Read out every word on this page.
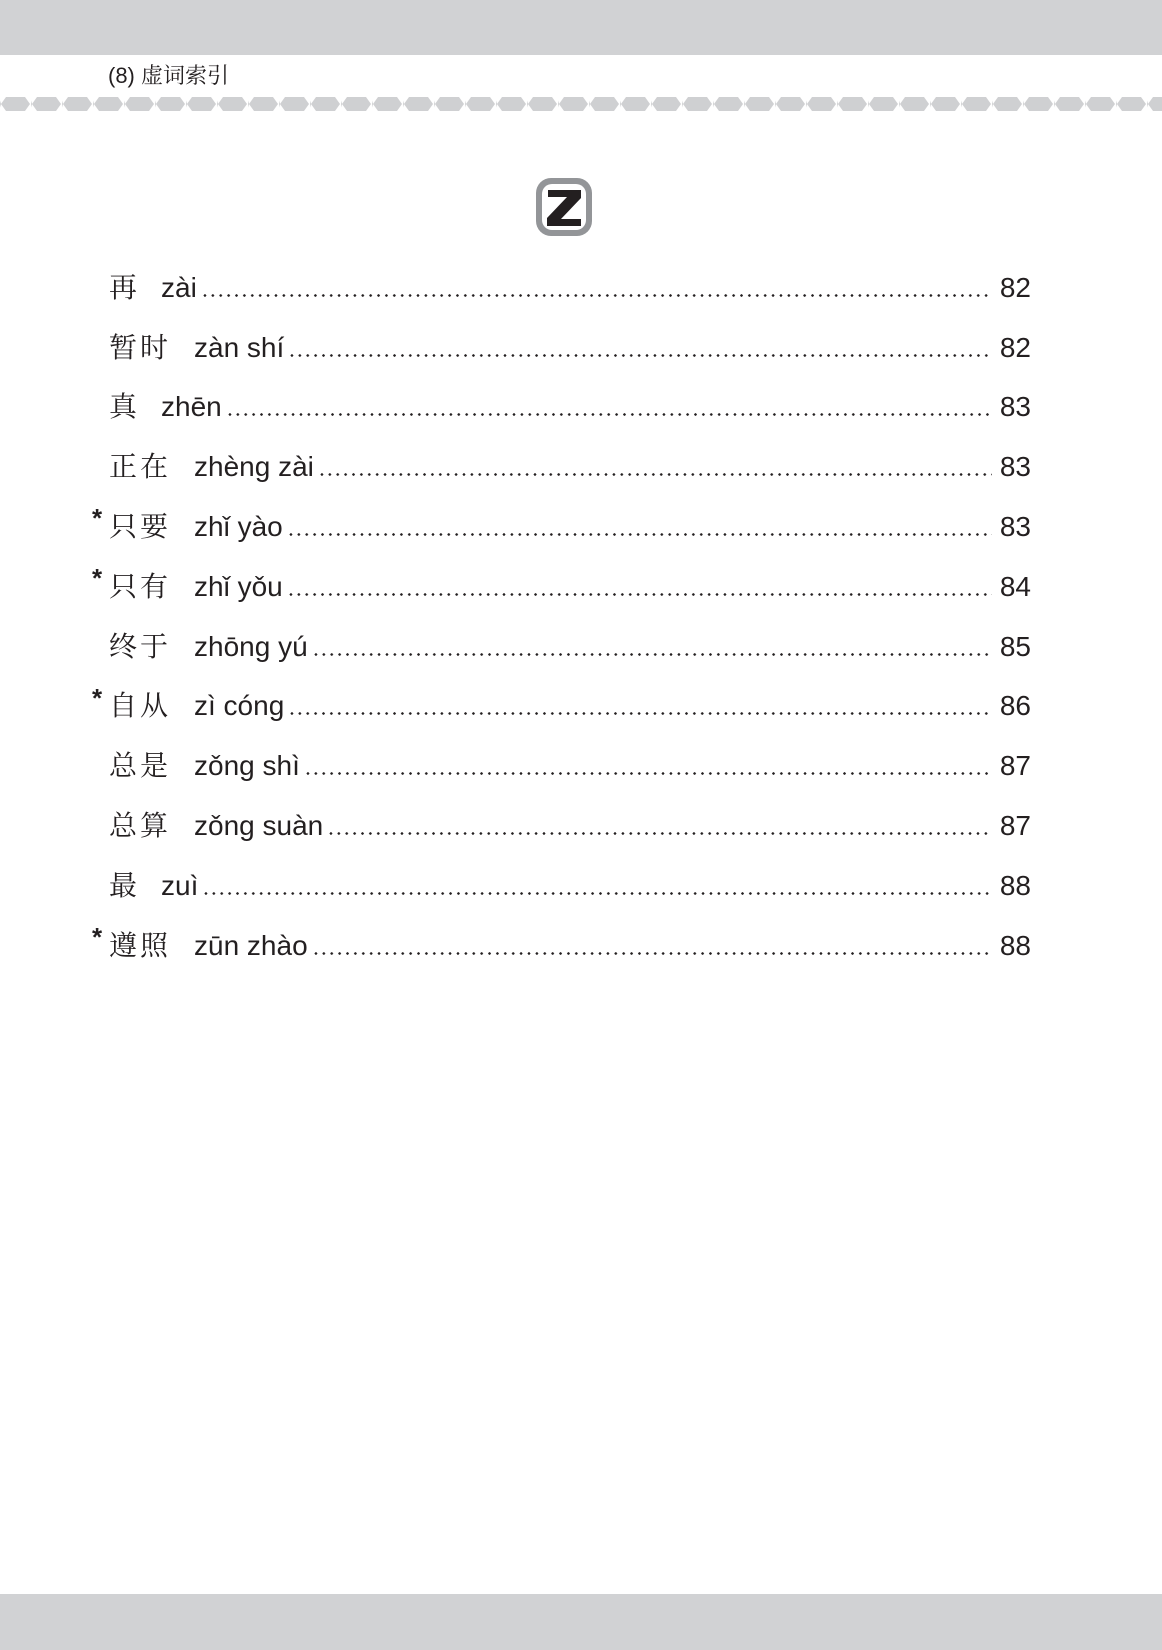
(8) 虚词索引
Z
再 zài	82
暂时 zàn shí	82
真 zhēn	83
正在 zhèng zài	83
* 只要 zhǐ yào	83
* 只有 zhǐ yǒu	84
终于 zhōng yú	85
* 自从 zì cóng	86
总是 zǒng shì	87
总算 zǒng suàn	87
最 zuì	88
* 遵照 zūn zhào	88
